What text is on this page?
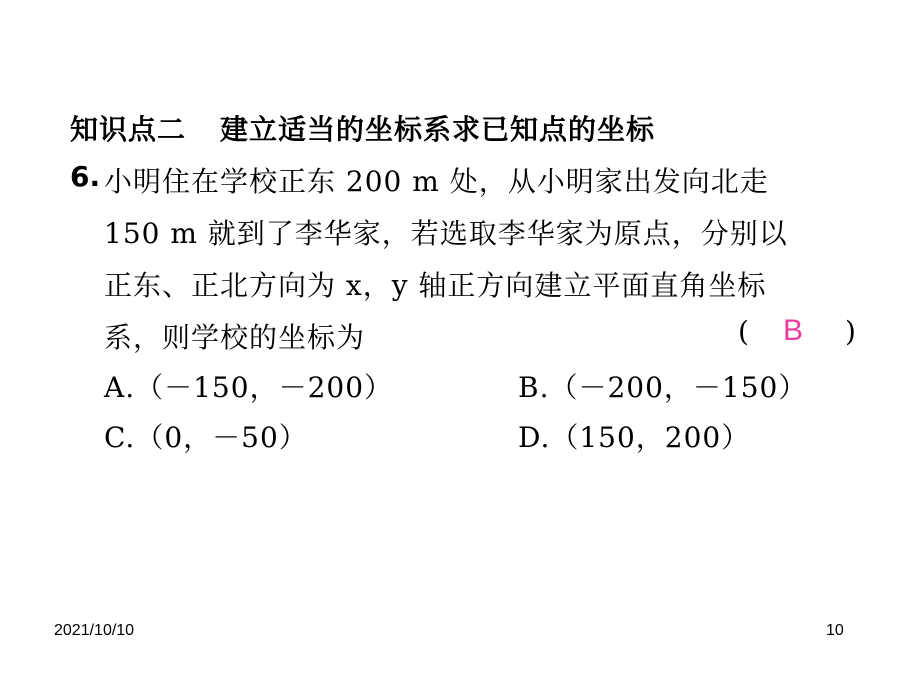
知识点二 建立适当的坐标系求已知点的坐标
6. 小明住在学校正东 200 m 处，从小明家出发向北走
150 m 就到了李华家，若选取李华家为原点，分别以
正东、正北方向为 x，y 轴正方向建立平面直角坐标
系，则学校的坐标为	( B )
A.（－150，－200）	B.（－200，－150）
C.（0，－50）	D.（150，200）
2021/10/10	10
